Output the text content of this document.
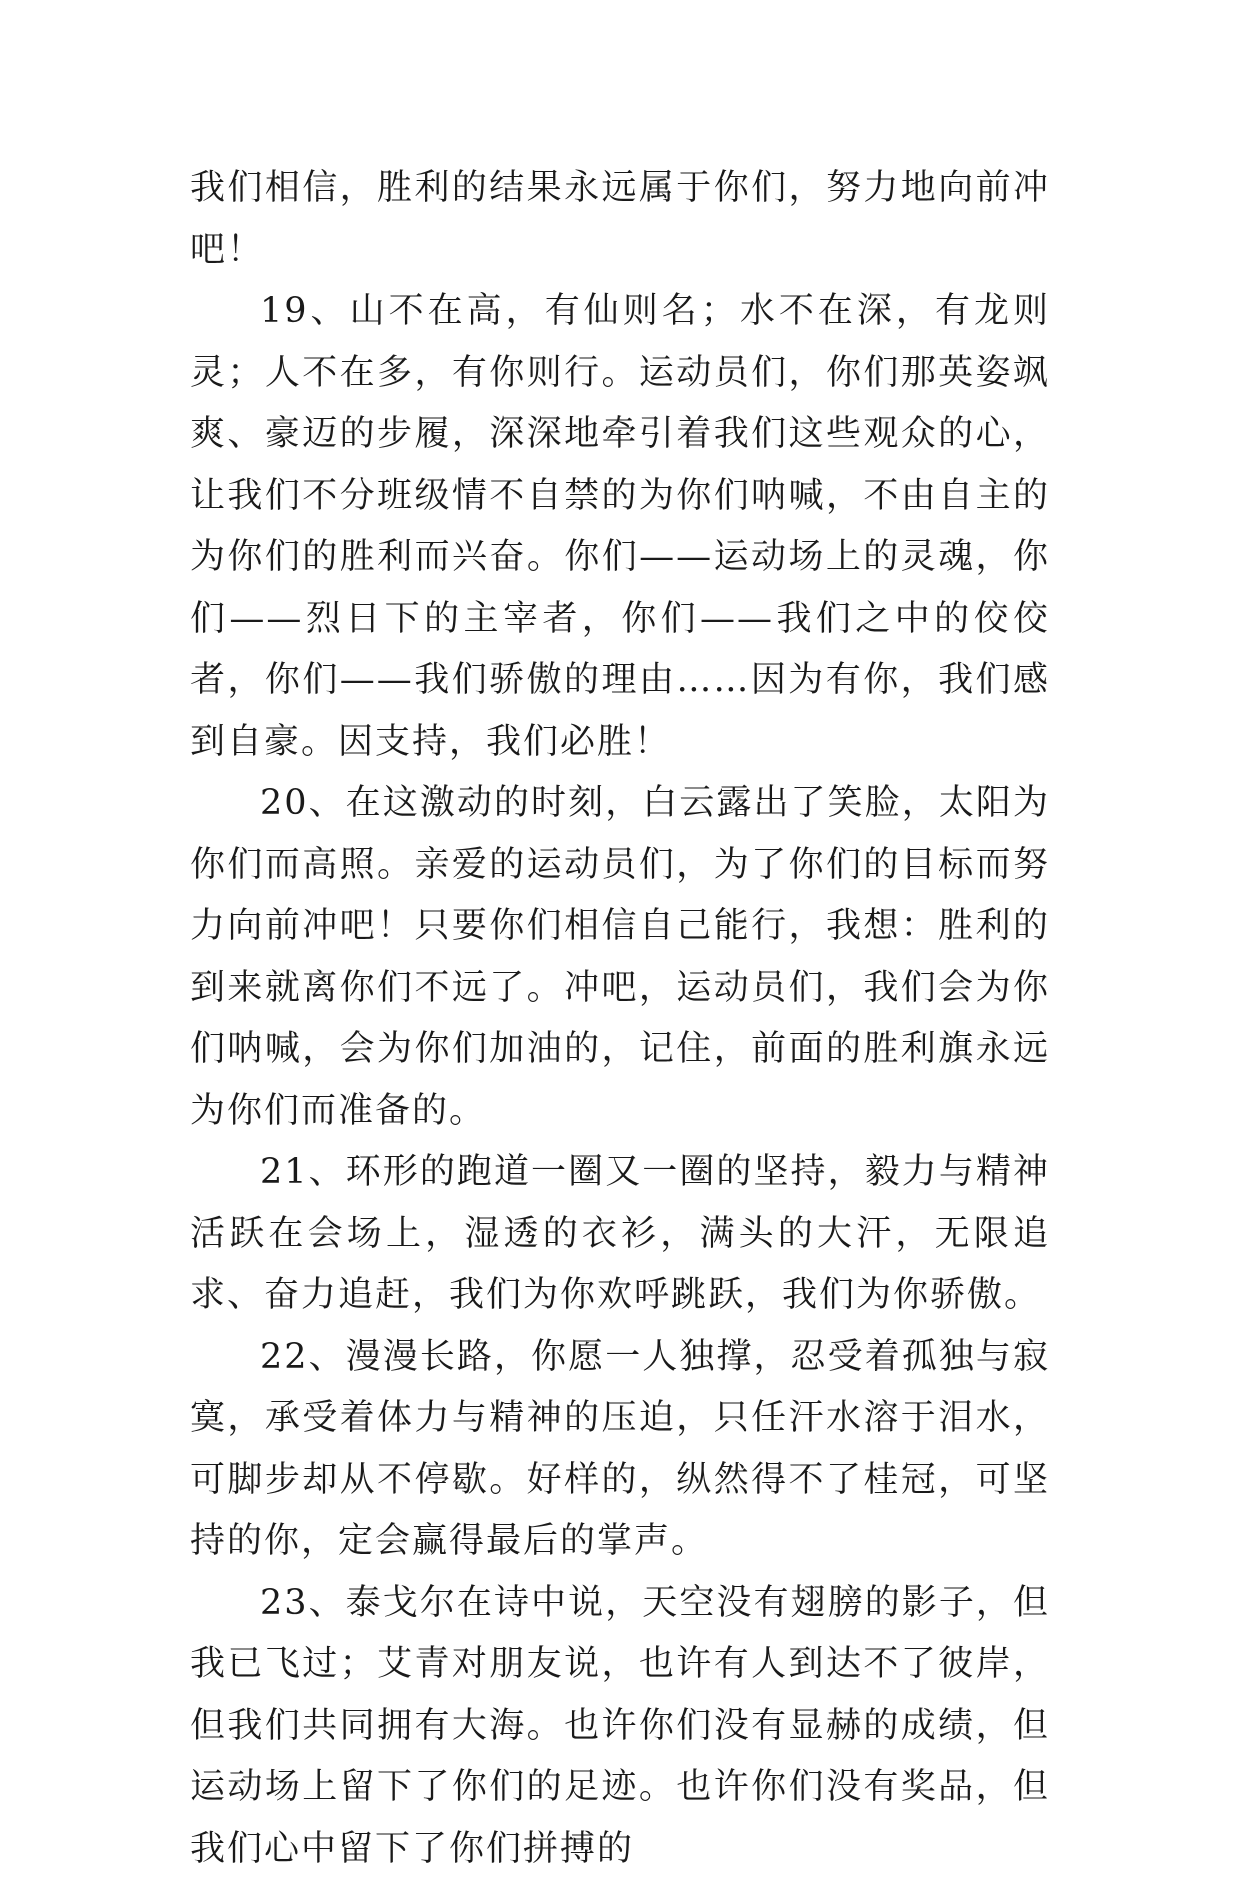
我们相信，胜利的结果永远属于你们，努力地向前冲吧！

19、山不在高，有仙则名；水不在深，有龙则灵；人不在多，有你则行。运动员们，你们那英姿飒爽、豪迈的步履，深深地牵引着我们这些观众的心，让我们不分班级情不自禁的为你们呐喊，不由自主的为你们的胜利而兴奋。你们——运动场上的灵魂，你们——烈日下的主宰者，你们——我们之中的佼佼者，你们——我们骄傲的理由……因为有你，我们感到自豪。因支持，我们必胜！

20、在这激动的时刻，白云露出了笑脸，太阳为你们而高照。亲爱的运动员们，为了你们的目标而努力向前冲吧！只要你们相信自己能行，我想：胜利的到来就离你们不远了。冲吧，运动员们，我们会为你们呐喊，会为你们加油的，记住，前面的胜利旗永远为你们而准备的。

21、环形的跑道一圈又一圈的坚持，毅力与精神活跃在会场上，湿透的衣衫，满头的大汗，无限追求、奋力追赶，我们为你欢呼跳跃，我们为你骄傲。

22、漫漫长路，你愿一人独撑，忍受着孤独与寂寞，承受着体力与精神的压迫，只任汗水溶于泪水，可脚步却从不停歇。好样的，纵然得不了桂冠，可坚持的你，定会赢得最后的掌声。

23、泰戈尔在诗中说，天空没有翅膀的影子，但我已飞过；艾青对朋友说，也许有人到达不了彼岸，但我们共同拥有大海。也许你们没有显赫的成绩，但运动场上留下了你们的足迹。也许你们没有奖品，但我们心中留下了你们拼搏的
